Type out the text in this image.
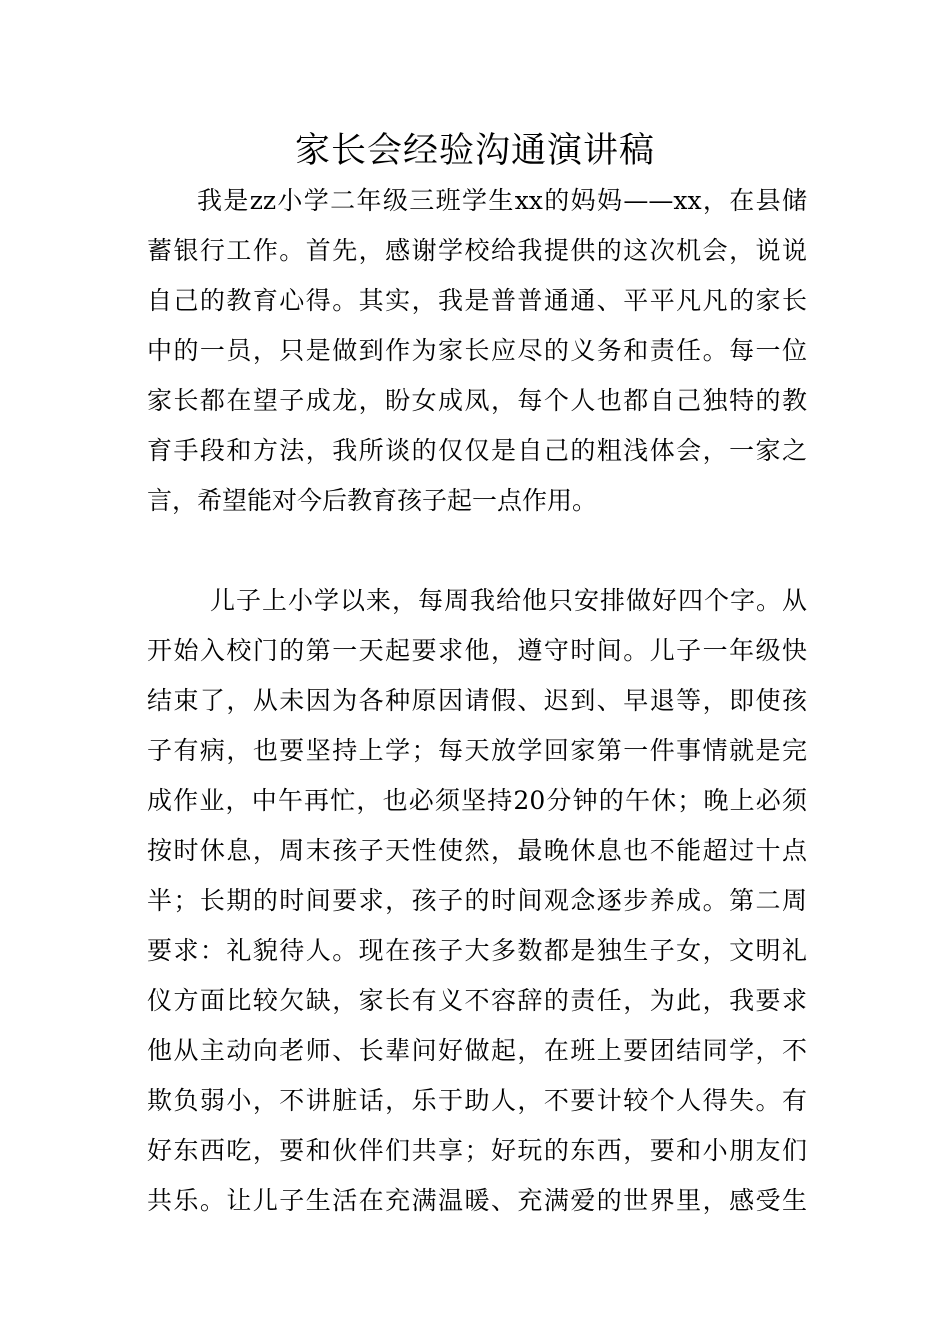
家长会经验沟通演讲稿

我是zz小学二年级三班学生xx的妈妈——xx，在县储

蓄银行工作。首先，感谢学校给我提供的这次机会，说说

自己的教育心得。其实，我是普普通通、平平凡凡的家长

中的一员，只是做到作为家长应尽的义务和责任。每一位

家长都在望子成龙，盼女成凤，每个人也都自己独特的教

育手段和方法，我所谈的仅仅是自己的粗浅体会，一家之

言，希望能对今后教育孩子起一点作用。

儿子上小学以来，每周我给他只安排做好四个字。从

开始入校门的第一天起要求他，遵守时间。儿子一年级快

结束了，从未因为各种原因请假、迟到、早退等，即使孩

子有病，也要坚持上学；每天放学回家第一件事情就是完

成作业，中午再忙，也必须坚持20分钟的午休；晚上必须

按时休息，周末孩子天性使然，最晚休息也不能超过十点

半；长期的时间要求，孩子的时间观念逐步养成。第二周

要求：礼貌待人。现在孩子大多数都是独生子女，文明礼

仪方面比较欠缺，家长有义不容辞的责任，为此，我要求

他从主动向老师、长辈问好做起，在班上要团结同学，不

欺负弱小，不讲脏话，乐于助人，不要计较个人得失。有

好东西吃，要和伙伴们共享；好玩的东西，要和小朋友们

共乐。让儿子生活在充满温暖、充满爱的世界里，感受生
